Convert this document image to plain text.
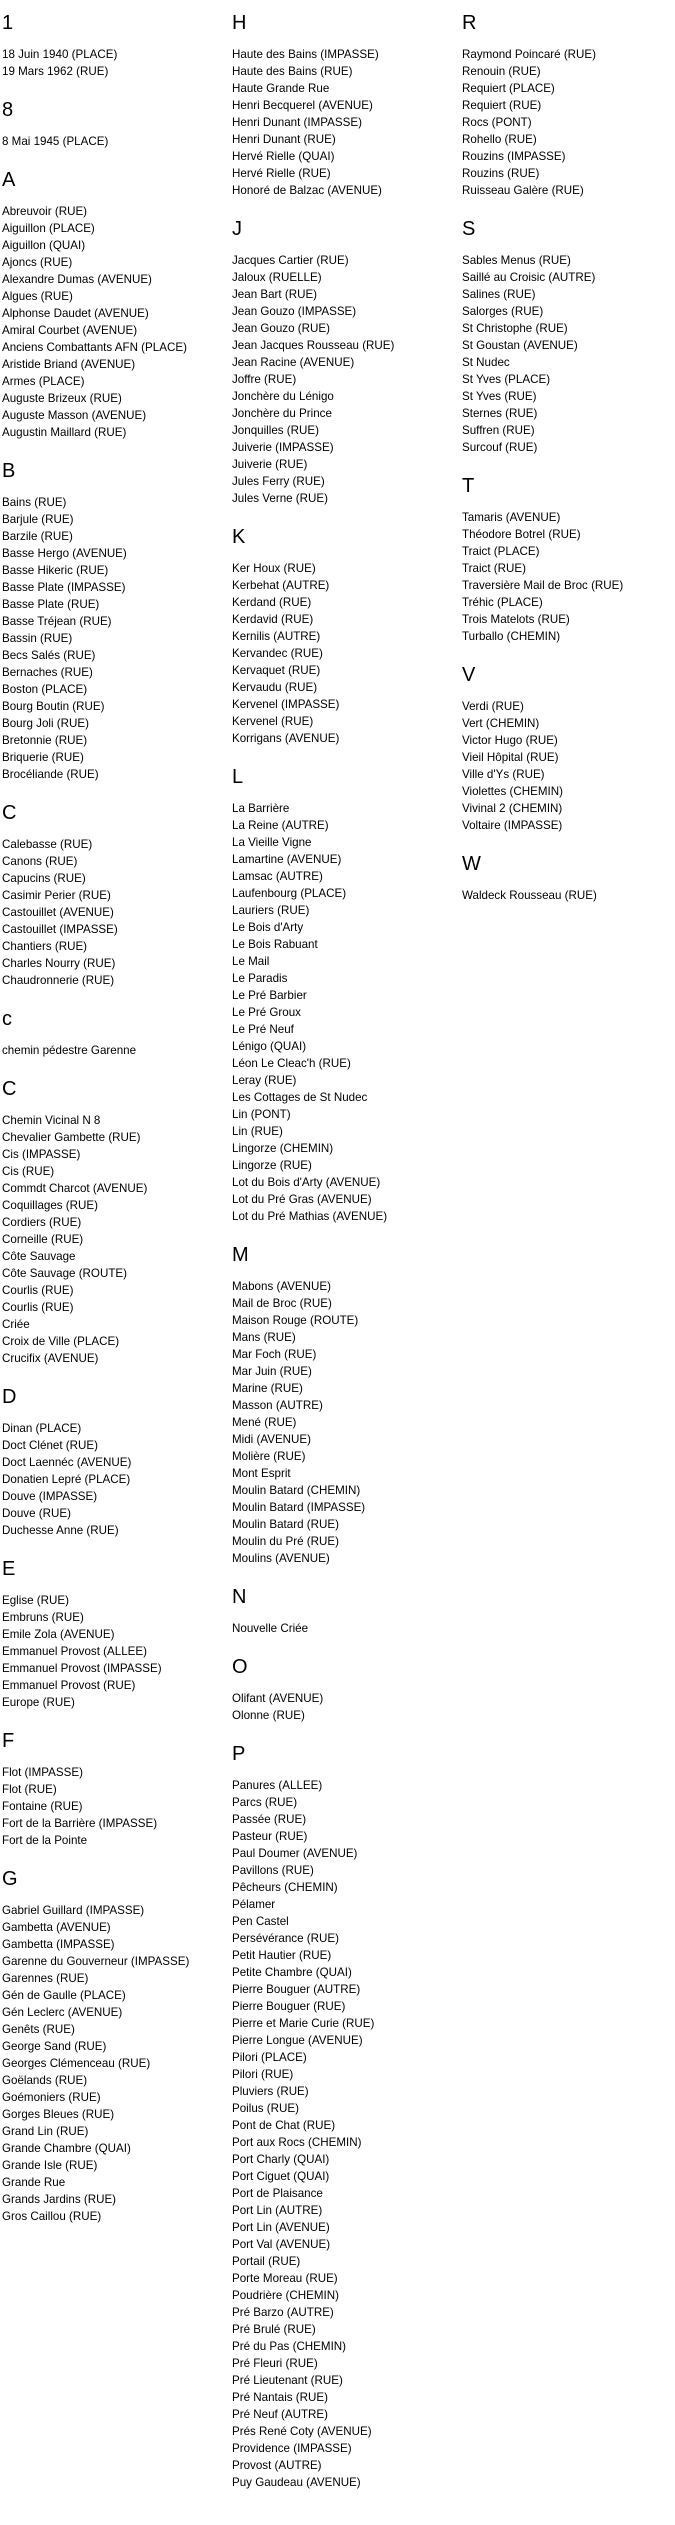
1
18 Juin 1940 (PLACE)
19 Mars 1962 (RUE)
8
8 Mai 1945 (PLACE)
A
Abreuvoir (RUE)
Aiguillon (PLACE)
Aiguillon (QUAI)
Ajoncs (RUE)
Alexandre Dumas (AVENUE)
Algues (RUE)
Alphonse Daudet (AVENUE)
Amiral Courbet (AVENUE)
Anciens Combattants AFN (PLACE)
Aristide Briand (AVENUE)
Armes (PLACE)
Auguste Brizeux (RUE)
Auguste Masson (AVENUE)
Augustin Maillard (RUE)
B
Bains (RUE)
Barjule (RUE)
Barzile (RUE)
Basse Hergo (AVENUE)
Basse Hikeric (RUE)
Basse Plate (IMPASSE)
Basse Plate (RUE)
Basse Tréjean (RUE)
Bassin (RUE)
Becs Salés (RUE)
Bernaches (RUE)
Boston (PLACE)
Bourg Boutin (RUE)
Bourg Joli (RUE)
Bretonnie (RUE)
Briquerie (RUE)
Brocéliande (RUE)
C
Calebasse (RUE)
Canons (RUE)
Capucins (RUE)
Casimir Perier (RUE)
Castouillet (AVENUE)
Castouillet (IMPASSE)
Chantiers (RUE)
Charles Nourry (RUE)
Chaudronnerie (RUE)
c
chemin pédestre Garenne
C
Chemin Vicinal N 8
Chevalier Gambette (RUE)
Cis (IMPASSE)
Cis (RUE)
Commdt Charcot (AVENUE)
Coquillages (RUE)
Cordiers (RUE)
Corneille (RUE)
Côte Sauvage
Côte Sauvage (ROUTE)
Courlis (RUE)
Courlis (RUE)
Criée
Croix de Ville (PLACE)
Crucifix (AVENUE)
D
Dinan (PLACE)
Doct Clénet (RUE)
Doct Laennéc (AVENUE)
Donatien Lepré (PLACE)
Douve (IMPASSE)
Douve (RUE)
Duchesse Anne (RUE)
E
Eglise (RUE)
Embruns (RUE)
Emile Zola (AVENUE)
Emmanuel Provost (ALLEE)
Emmanuel Provost (IMPASSE)
Emmanuel Provost (RUE)
Europe (RUE)
F
Flot (IMPASSE)
Flot (RUE)
Fontaine (RUE)
Fort de la Barrière (IMPASSE)
Fort de la Pointe
G
Gabriel Guillard (IMPASSE)
Gambetta (AVENUE)
Gambetta (IMPASSE)
Garenne du Gouverneur (IMPASSE)
Garennes (RUE)
Gén de Gaulle (PLACE)
Gén Leclerc (AVENUE)
Genêts (RUE)
George Sand (RUE)
Georges Clémenceau (RUE)
Goëlands (RUE)
Goémoniers (RUE)
Gorges Bleues (RUE)
Grand Lin (RUE)
Grande Chambre (QUAI)
Grande Isle (RUE)
Grande Rue
Grands Jardins (RUE)
Gros Caillou (RUE)
H
Haute des Bains (IMPASSE)
Haute des Bains (RUE)
Haute Grande Rue
Henri Becquerel (AVENUE)
Henri Dunant (IMPASSE)
Henri Dunant (RUE)
Hervé Rielle (QUAI)
Hervé Rielle (RUE)
Honoré de Balzac (AVENUE)
J
Jacques Cartier (RUE)
Jaloux (RUELLE)
Jean Bart (RUE)
Jean Gouzo (IMPASSE)
Jean Gouzo (RUE)
Jean Jacques Rousseau (RUE)
Jean Racine (AVENUE)
Joffre (RUE)
Jonchère du Lénigo
Jonchère du Prince
Jonquilles (RUE)
Juiverie (IMPASSE)
Juiverie (RUE)
Jules Ferry (RUE)
Jules Verne (RUE)
K
Ker Houx (RUE)
Kerbehat (AUTRE)
Kerdand (RUE)
Kerdavid (RUE)
Kernilis (AUTRE)
Kervandec (RUE)
Kervaquet (RUE)
Kervaudu (RUE)
Kervenel (IMPASSE)
Kervenel (RUE)
Korrigans (AVENUE)
L
La Barrière
La Reine (AUTRE)
La Vieille Vigne
Lamartine (AVENUE)
Lamsac (AUTRE)
Laufenbourg (PLACE)
Lauriers (RUE)
Le Bois d'Arty
Le Bois Rabuant
Le Mail
Le Paradis
Le Pré Barbier
Le Pré Groux
Le Pré Neuf
Lénigo (QUAI)
Léon Le Cleac'h (RUE)
Leray (RUE)
Les Cottages de St Nudec
Lin (PONT)
Lin (RUE)
Lingorze (CHEMIN)
Lingorze (RUE)
Lot du Bois d'Arty (AVENUE)
Lot du Pré Gras (AVENUE)
Lot du Pré Mathias (AVENUE)
M
Mabons (AVENUE)
Mail de Broc (RUE)
Maison Rouge (ROUTE)
Mans (RUE)
Mar Foch (RUE)
Mar Juin (RUE)
Marine (RUE)
Masson (AUTRE)
Mené (RUE)
Midi (AVENUE)
Molière (RUE)
Mont Esprit
Moulin Batard (CHEMIN)
Moulin Batard (IMPASSE)
Moulin Batard (RUE)
Moulin du Pré (RUE)
Moulins (AVENUE)
N
Nouvelle Criée
O
Olifant (AVENUE)
Olonne (RUE)
P
Panures (ALLEE)
Parcs (RUE)
Passée (RUE)
Pasteur (RUE)
Paul Doumer (AVENUE)
Pavillons (RUE)
Pêcheurs (CHEMIN)
Pélamer
Pen Castel
Persévérance (RUE)
Petit Hautier (RUE)
Petite Chambre (QUAI)
Pierre Bouguer (AUTRE)
Pierre Bouguer (RUE)
Pierre et Marie Curie (RUE)
Pierre Longue (AVENUE)
Pilori (PLACE)
Pilori (RUE)
Pluviers (RUE)
Poilus (RUE)
Pont de Chat (RUE)
Port aux Rocs (CHEMIN)
Port Charly (QUAI)
Port Ciguet (QUAI)
Port de Plaisance
Port Lin (AUTRE)
Port Lin (AVENUE)
Port Val (AVENUE)
Portail (RUE)
Porte Moreau (RUE)
Poudrière (CHEMIN)
Pré Barzo (AUTRE)
Pré Brulé (RUE)
Pré du Pas (CHEMIN)
Pré Fleuri (RUE)
Pré Lieutenant (RUE)
Pré Nantais (RUE)
Pré Neuf (AUTRE)
Prés René Coty (AVENUE)
Providence (IMPASSE)
Provost (AUTRE)
Puy Gaudeau (AVENUE)
R
Raymond Poincaré (RUE)
Renouin (RUE)
Requiert (PLACE)
Requiert (RUE)
Rocs (PONT)
Rohello (RUE)
Rouzins (IMPASSE)
Rouzins (RUE)
Ruisseau Galère (RUE)
S
Sables Menus (RUE)
Saillé au Croisic (AUTRE)
Salines (RUE)
Salorges (RUE)
St Christophe (RUE)
St Goustan (AVENUE)
St Nudec
St Yves (PLACE)
St Yves (RUE)
Sternes (RUE)
Suffren (RUE)
Surcouf (RUE)
T
Tamaris (AVENUE)
Théodore Botrel (RUE)
Traict (PLACE)
Traict (RUE)
Traversière Mail de Broc (RUE)
Tréhic (PLACE)
Trois Matelots (RUE)
Turballo (CHEMIN)
V
Verdi (RUE)
Vert (CHEMIN)
Victor Hugo (RUE)
Vieil Hôpital (RUE)
Ville d'Ys (RUE)
Violettes (CHEMIN)
Vivinal 2 (CHEMIN)
Voltaire (IMPASSE)
W
Waldeck Rousseau (RUE)
